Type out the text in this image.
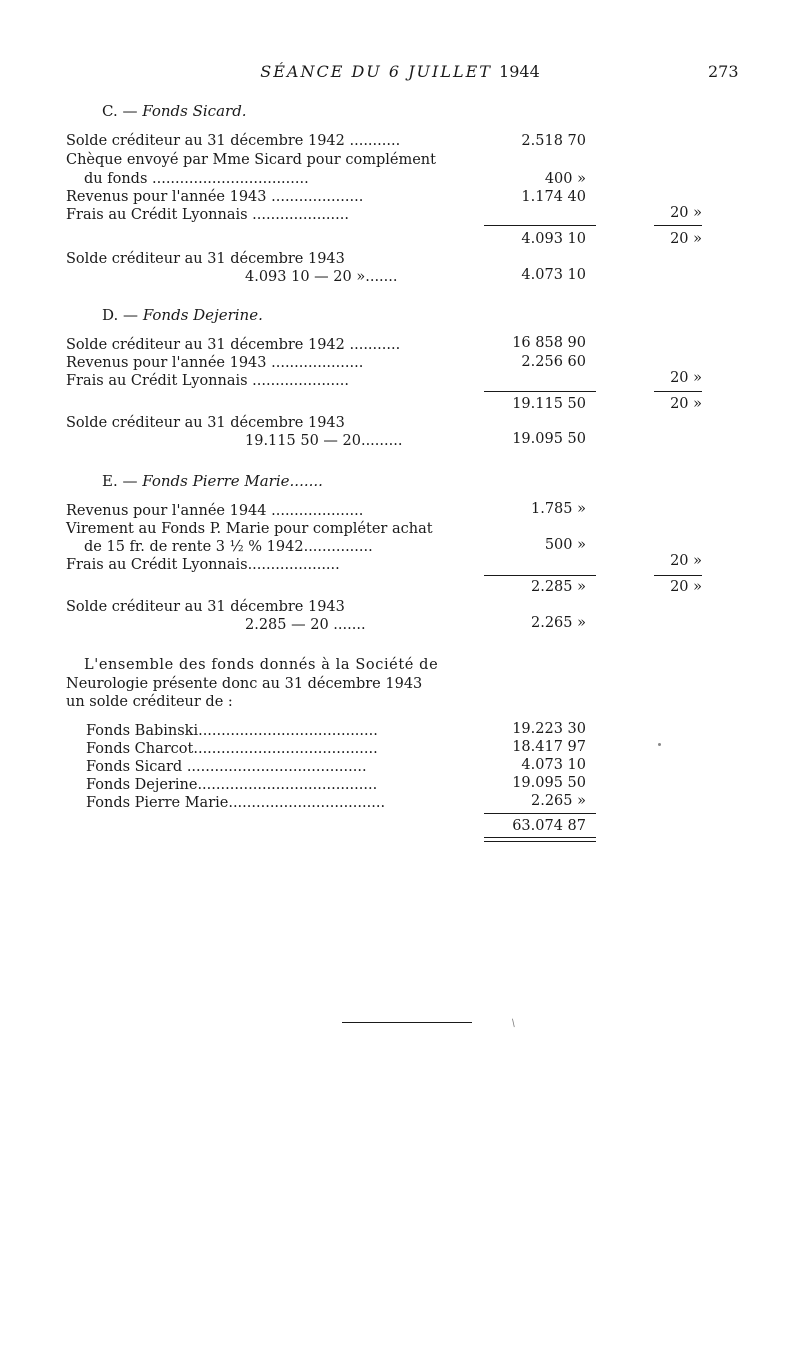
SÉANCE DU 6 JUILLET 1944	273
C. — Fonds Sicard.
Solde créditeur au 31 décembre 1942 ...........	2.518 70
Chèque envoyé par Mme Sicard pour complément
du fonds ..................................	400 »
Revenus pour l'année 1943 ....................	1.174 40
Frais au Crédit Lyonnais .....................	20 »
4.093 10	20 »
Solde créditeur au 31 décembre 1943
4.093 10 — 20 ».......	4.073 10
D. — Fonds Dejerine.
Solde créditeur au 31 décembre 1942 ...........	16 858 90
Revenus pour l'année 1943 ....................	2.256 60
Frais au Crédit Lyonnais .....................	20 »
19.115 50	20 »
Solde créditeur au 31 décembre 1943
19.115 50 — 20.........	19.095 50
E. — Fonds Pierre Marie.......
Revenus pour l'année 1944 ....................	1.785 »
Virement au Fonds P. Marie pour compléter achat
de 15 fr. de rente 3 ½ % 1942...............	500 »
Frais au Crédit Lyonnais....................	20 »
2.285 »	20 »
Solde créditeur au 31 décembre 1943
2.285 — 20 .......	2.265 »
L'ensemble des fonds donnés à la Société de
Neurologie présente donc au 31 décembre 1943
un solde créditeur de :
Fonds Babinski.......................................	19.223 30
Fonds Charcot........................................	18.417 97
Fonds Sicard .......................................	4.073 10
Fonds Dejerine.......................................	19.095 50
Fonds Pierre Marie..................................	2.265 »
63.074 87
/
